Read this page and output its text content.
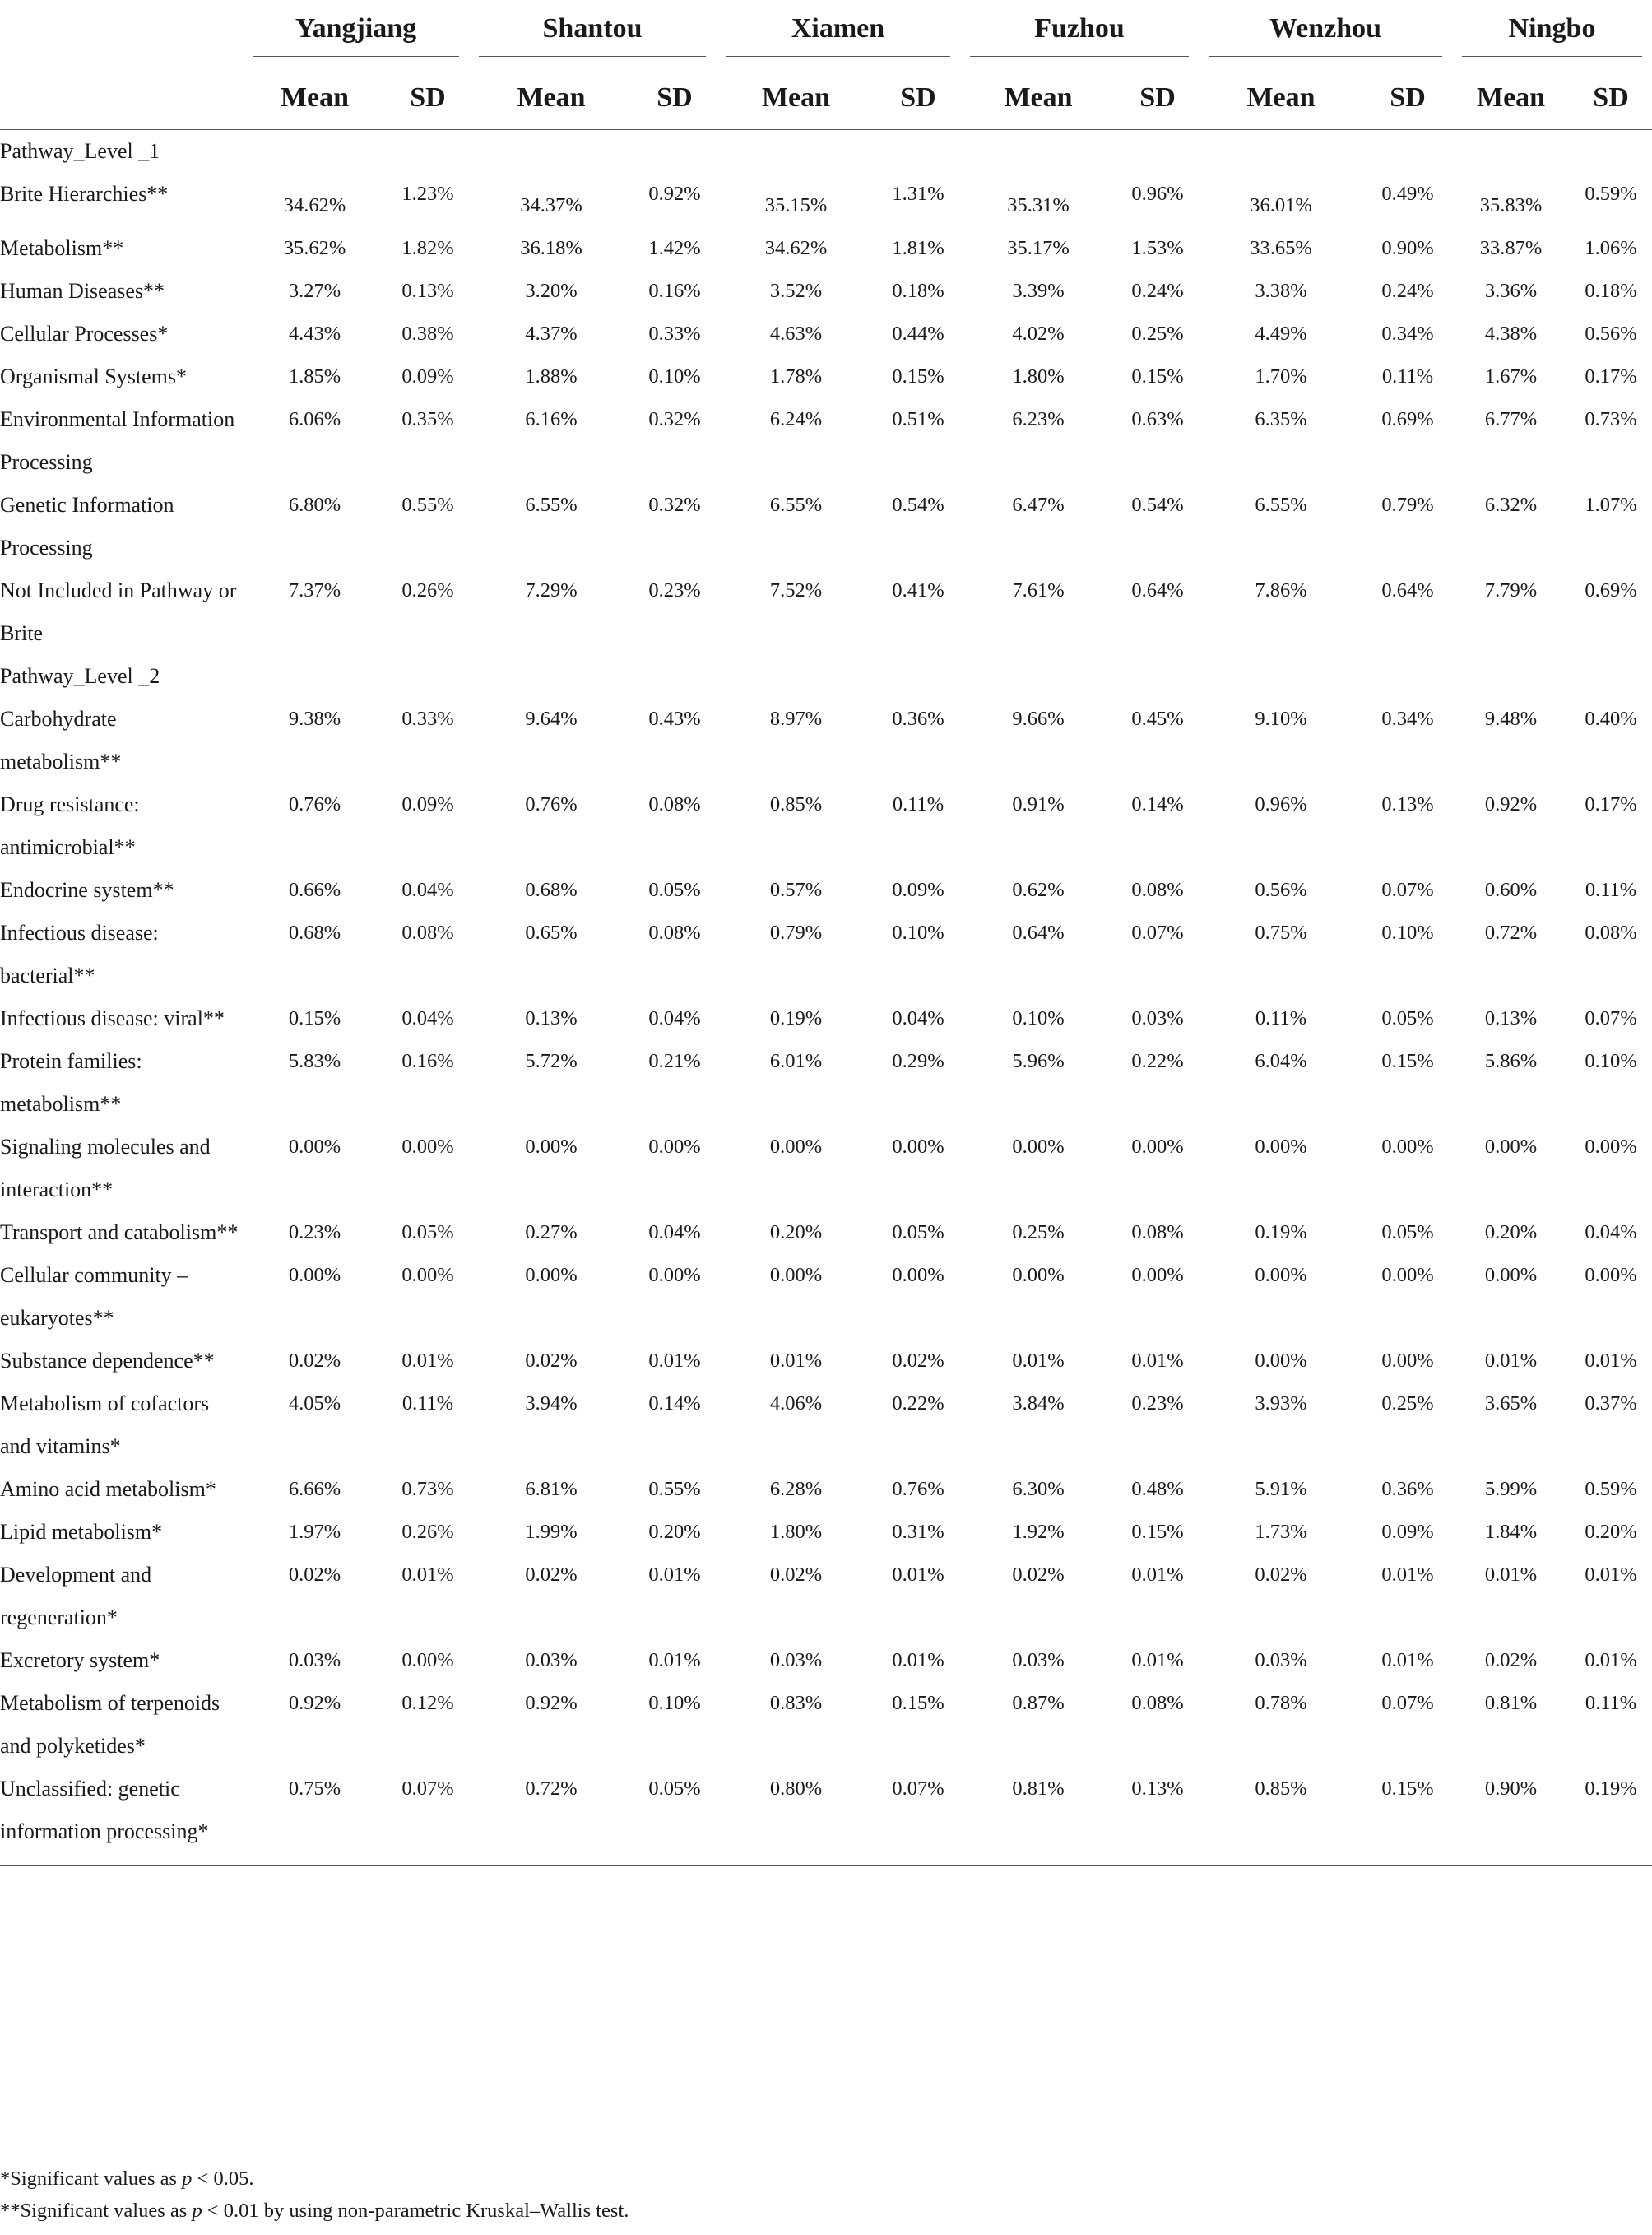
	Yangjiang		Shantou		Xiamen		Fuzhou		Wenzhou		Ningbo	

	Mean	SD	Mean	SD	Mean	SD	Mean	SD	Mean	SD	Mean	SD
Pathway_Level _1												
Brite Hierarchies**	34.62%	1.23%	34.37%	0.92%	35.15%	1.31%	35.31%	0.96%	36.01%	0.49%	35.83%	0.59%
Metabolism**	35.62%	1.82%	36.18%	1.42%	34.62%	1.81%	35.17%	1.53%	33.65%	0.90%	33.87%	1.06%
Human Diseases**	3.27%	0.13%	3.20%	0.16%	3.52%	0.18%	3.39%	0.24%	3.38%	0.24%	3.36%	0.18%
Cellular Processes*	4.43%	0.38%	4.37%	0.33%	4.63%	0.44%	4.02%	0.25%	4.49%	0.34%	4.38%	0.56%
Organismal Systems*	1.85%	0.09%	1.88%	0.10%	1.78%	0.15%	1.80%	0.15%	1.70%	0.11%	1.67%	0.17%
Environmental Information Processing	6.06%	0.35%	6.16%	0.32%	6.24%	0.51%	6.23%	0.63%	6.35%	0.69%	6.77%	0.73%
Genetic Information Processing	6.80%	0.55%	6.55%	0.32%	6.55%	0.54%	6.47%	0.54%	6.55%	0.79%	6.32%	1.07%
Not Included in Pathway or Brite	7.37%	0.26%	7.29%	0.23%	7.52%	0.41%	7.61%	0.64%	7.86%	0.64%	7.79%	0.69%
Pathway_Level _2												
Carbohydrate metabolism**	9.38%	0.33%	9.64%	0.43%	8.97%	0.36%	9.66%	0.45%	9.10%	0.34%	9.48%	0.40%
Drug resistance: antimicrobial**	0.76%	0.09%	0.76%	0.08%	0.85%	0.11%	0.91%	0.14%	0.96%	0.13%	0.92%	0.17%
Endocrine system**	0.66%	0.04%	0.68%	0.05%	0.57%	0.09%	0.62%	0.08%	0.56%	0.07%	0.60%	0.11%
Infectious disease: bacterial**	0.68%	0.08%	0.65%	0.08%	0.79%	0.10%	0.64%	0.07%	0.75%	0.10%	0.72%	0.08%
Infectious disease: viral**	0.15%	0.04%	0.13%	0.04%	0.19%	0.04%	0.10%	0.03%	0.11%	0.05%	0.13%	0.07%
Protein families: metabolism**	5.83%	0.16%	5.72%	0.21%	6.01%	0.29%	5.96%	0.22%	6.04%	0.15%	5.86%	0.10%
Signaling molecules and interaction**	0.00%	0.00%	0.00%	0.00%	0.00%	0.00%	0.00%	0.00%	0.00%	0.00%	0.00%	0.00%
Transport and catabolism**	0.23%	0.05%	0.27%	0.04%	0.20%	0.05%	0.25%	0.08%	0.19%	0.05%	0.20%	0.04%
Cellular community – eukaryotes**	0.00%	0.00%	0.00%	0.00%	0.00%	0.00%	0.00%	0.00%	0.00%	0.00%	0.00%	0.00%
Substance dependence**	0.02%	0.01%	0.02%	0.01%	0.01%	0.02%	0.01%	0.01%	0.00%	0.00%	0.01%	0.01%
Metabolism of cofactors and vitamins*	4.05%	0.11%	3.94%	0.14%	4.06%	0.22%	3.84%	0.23%	3.93%	0.25%	3.65%	0.37%
Amino acid metabolism*	6.66%	0.73%	6.81%	0.55%	6.28%	0.76%	6.30%	0.48%	5.91%	0.36%	5.99%	0.59%
Lipid metabolism*	1.97%	0.26%	1.99%	0.20%	1.80%	0.31%	1.92%	0.15%	1.73%	0.09%	1.84%	0.20%
Development and regeneration*	0.02%	0.01%	0.02%	0.01%	0.02%	0.01%	0.02%	0.01%	0.02%	0.01%	0.01%	0.01%
Excretory system*	0.03%	0.00%	0.03%	0.01%	0.03%	0.01%	0.03%	0.01%	0.03%	0.01%	0.02%	0.01%
Metabolism of terpenoids and polyketides*	0.92%	0.12%	0.92%	0.10%	0.83%	0.15%	0.87%	0.08%	0.78%	0.07%	0.81%	0.11%
Unclassified: genetic information processing*	0.75%	0.07%	0.72%	0.05%	0.80%	0.07%	0.81%	0.13%	0.85%	0.15%	0.90%	0.19%

*Significant values as p < 0.05.
**Significant values as p < 0.01 by using non-parametric Kruskal–Wallis test.
